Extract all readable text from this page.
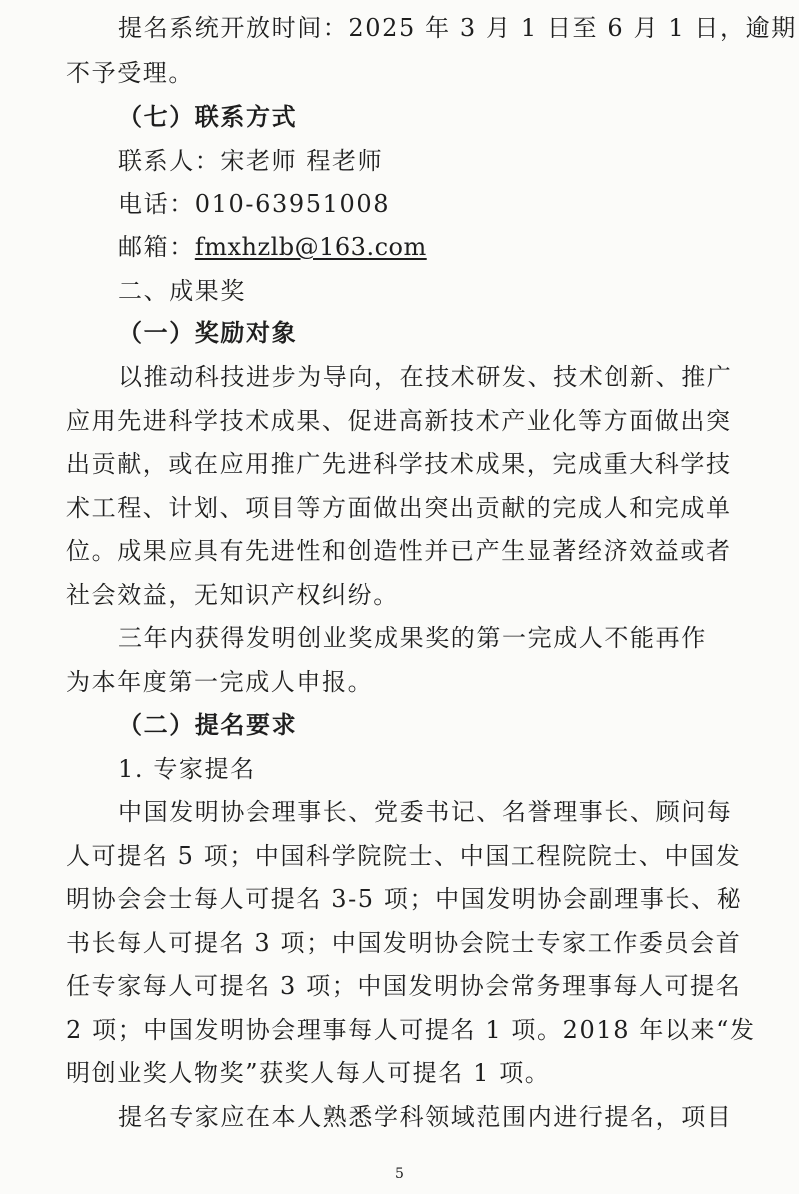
提名系统开放时间：2025 年 3 月 1 日至 6 月 1 日，逾期

不予受理。

（七）联系方式

联系人：宋老师 程老师

电话：010-63951008

邮箱：fmxhzlb@163.com

二、成果奖

（一）奖励对象

以推动科技进步为导向，在技术研发、技术创新、推广

应用先进科学技术成果、促进高新技术产业化等方面做出突

出贡献，或在应用推广先进科学技术成果，完成重大科学技

术工程、计划、项目等方面做出突出贡献的完成人和完成单

位。成果应具有先进性和创造性并已产生显著经济效益或者

社会效益，无知识产权纠纷。

三年内获得发明创业奖成果奖的第一完成人不能再作

为本年度第一完成人申报。

（二）提名要求

1. 专家提名

中国发明协会理事长、党委书记、名誉理事长、顾问每

人可提名 5 项；中国科学院院士、中国工程院院士、中国发

明协会会士每人可提名 3-5 项；中国发明协会副理事长、秘

书长每人可提名 3 项；中国发明协会院士专家工作委员会首

任专家每人可提名 3 项；中国发明协会常务理事每人可提名

2 项；中国发明协会理事每人可提名 1 项。2018 年以来“发

明创业奖人物奖”获奖人每人可提名 1 项。

提名专家应在本人熟悉学科领域范围内进行提名，项目

5
